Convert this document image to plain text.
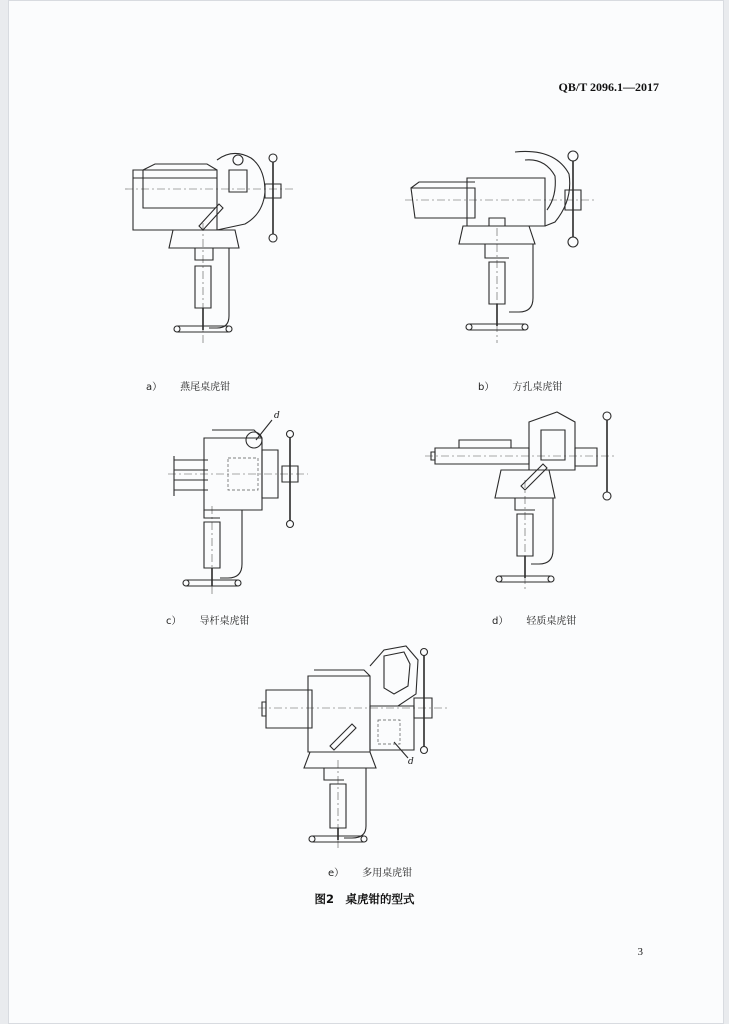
QB/T 2096.1—2017
a） 燕尾桌虎钳	b） 方孔桌虎钳
d
c） 导杆桌虎钳	d） 轻质桌虎钳
d
e） 多用桌虎钳
图2　桌虎钳的型式
3
